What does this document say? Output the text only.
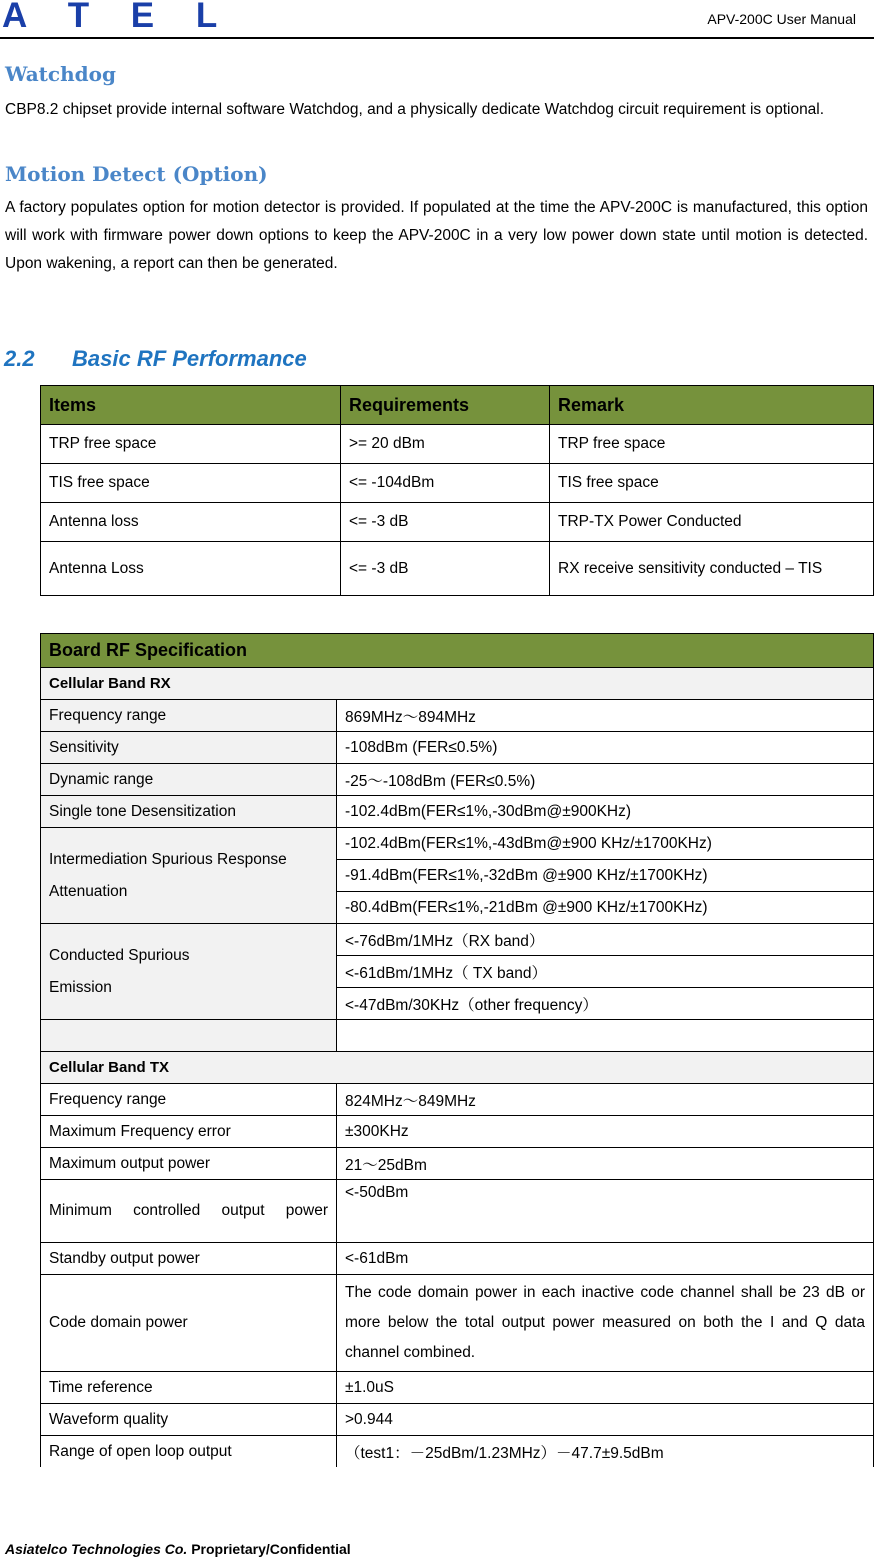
A T E L	APV-200C User Manual
Watchdog
CBP8.2 chipset provide internal software Watchdog, and a physically dedicate Watchdog circuit requirement is optional.
Motion Detect (Option)
A factory populates option for motion detector is provided. If populated at the time the APV-200C is manufactured, this option will work with firmware power down options to keep the APV-200C in a very low power down state until motion is detected. Upon wakening, a report can then be generated.
2.2 Basic RF Performance
Items	Requirements	Remark
TRP free space	>= 20 dBm	TRP free space
TIS free space	<= -104dBm	TIS free space
Antenna loss	<= -3 dB	TRP-TX Power Conducted
Antenna Loss	<= -3 dB	RX receive sensitivity conducted – TIS
Board RF Specification	
Cellular Band RX	
Frequency range	869MHz～894MHz
Sensitivity	-108dBm (FER≤0.5%)
Dynamic range	-25～-108dBm (FER≤0.5%)
Single tone Desensitization	-102.4dBm(FER≤1%,-30dBm@±900KHz)
Intermediation Spurious Response Attenuation	-102.4dBm(FER≤1%,-43dBm@±900 KHz/±1700KHz)
	-91.4dBm(FER≤1%,-32dBm @±900 KHz/±1700KHz)
	-80.4dBm(FER≤1%,-21dBm @±900 KHz/±1700KHz)
Conducted Spurious Emission	<-76dBm/1MHz（RX band）
	<-61dBm/1MHz（ TX band）
	<-47dBm/30KHz（other frequency）

Cellular Band TX	
Frequency range	824MHz～849MHz
Maximum Frequency error	±300KHz
Maximum output power	21～25dBm
Minimum controlled output power	<-50dBm
Standby output power	<-61dBm
Code domain power	The code domain power in each inactive code channel shall be 23 dB or more below the total output power measured on both the I and Q data channel combined.
Time reference	±1.0uS
Waveform quality	>0.944
Range of open loop output	（test1：－25dBm/1.23MHz）－47.7±9.5dBm
Asiatelco Technologies Co. Proprietary/Confidential
